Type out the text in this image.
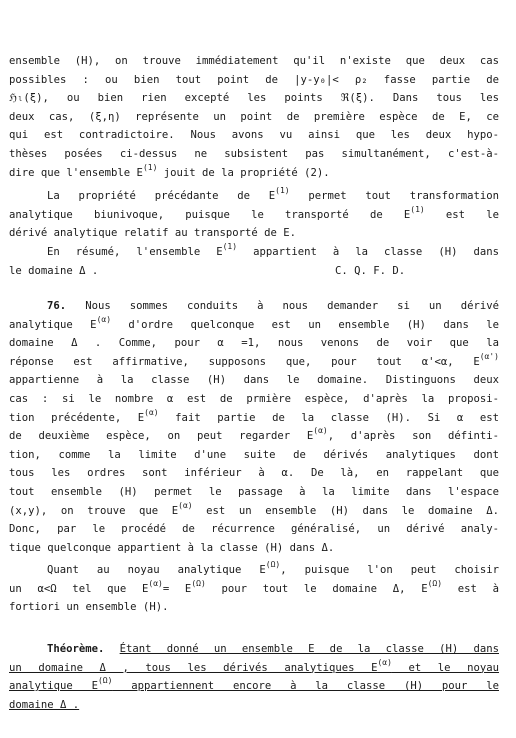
ensemble (H), on trouve immédiatement qu'il n'existe que deux cas
possibles : ou bien tout point de |y-y₀|< ρ₂ fasse partie de
ℌₗ(ξ), ou bien rien excepté les points ℜ(ξ). Dans tous les
deux cas, (ξ,η) représente un point de première espèce de E, ce
qui est contradictoire. Nous avons vu ainsi que les deux hypo-
thèses posées ci-dessus ne subsistent pas simultanément, c'est-à-
dire que l'ensemble $E^{(1)}$ jouit de la propriété (2).
La propriété précédante de $E^{(1)}$ permet tout transformation
analytique biunivoque, puisque le transporté de $E^{(1)}$ est le
dérivé analytique relatif au transporté de E.
En résumé, l'ensemble $E^{(1)}$ appartient à la classe (H) dans
le domaine Δ .	C. Q. F. D.
76. Nous sommes conduits à nous demander si un dérivé
analytique $E^{(\alpha)}$ d'ordre quelconque est un ensemble (H) dans le
domaine Δ . Comme, pour α =1, nous venons de voir que la
réponse est affirmative, supposons que, pour tout α'<α, $E^{(\alpha')}$
appartienne à la classe (H) dans le domaine. Distinguons deux
cas : si le nombre α est de prmière espèce, d'après la proposi-
tion précédente, $E^{(\alpha)}$ fait partie de la classe (H). Si α est
de deuxième espèce, on peut regarder $E^{(\alpha)}$, d'après son définti-
tion, comme la limite d'une suite de dérivés analytiques dont
tous les ordres sont inférieur à α. De là, en rappelant que
tout ensemble (H) permet le passage à la limite dans l'espace
(x,y), on trouve que $E^{(\alpha)}$ est un ensemble (H) dans le domaine Δ.
Donc, par le procédé de récurrence généralisé, un dérivé analy-
tique quelconque appartient à la classe (H) dans Δ.
Quant au noyau analytique $E^{(\Omega)}$, puisque l'on peut choisir
un α<Ω tel que $E^{(\alpha)}= E^{(\Omega)}$ pour tout le domaine Δ, $E^{(\Omega)}$ est à
fortiori un ensemble (H).
Théorème. Étant donné un ensemble E de la classe (H) dans
un domaine Δ , tous les dérivés analytiques $E^{(\alpha)}$ et le noyau
analytique $E^{(\Omega)}$ appartiennent encore à la classe (H) pour le
domaine Δ .
